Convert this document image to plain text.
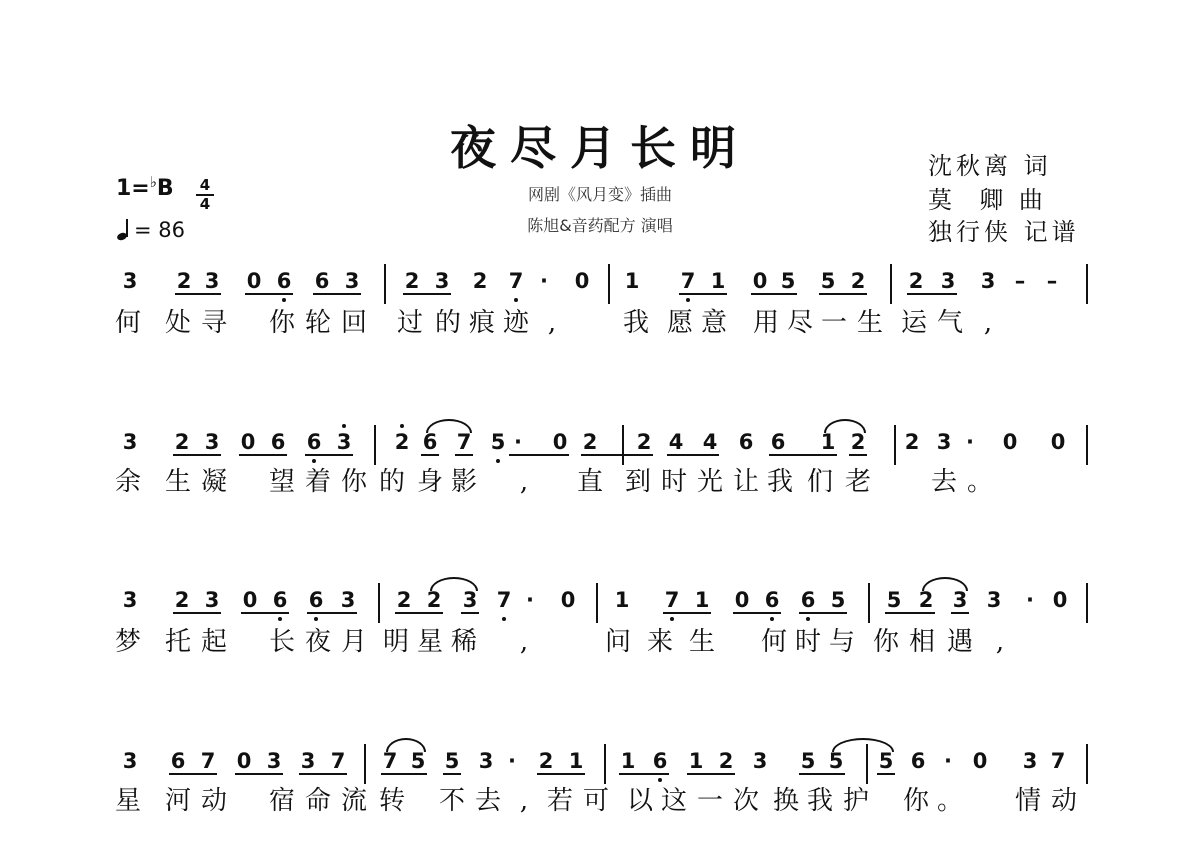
夜尽月长明
网剧《风月变》插曲
陈旭&音药配方 演唱
沈秋离 词
莫  卿 曲
独行侠 记谱
1=♭B 4
4
= 86
3 2 3 0 6 6 3 2 3 2 7 · 0 1 7 1 0 5 5 2 2 3 3 – –
何 处 寻 你 轮 回 过 的 痕 迹 ,	我 愿 意 用 尽 一 生 运 气 ,
3 2 3 0 6 6 3 2 6 7 5 · 0 2 2 4 4 6 6 1 2 2 3 · 0 0
余 生 凝 望 着 你 的 身 影	,	直 到 时 光 让 我 们 老 去 。
3 2 3 0 6 6 3 2 2 3 7 · 0 1 7 1 0 6 6 5 5 2 3 3 · 0
梦 托 起 长 夜 月 明 星 稀	,	问 来 生 何 时 与 你 相 遇 ,
3 6 7 0 3 3 7 7 5 5 3 · 2 1 1 6 1 2 3 5 5 5 6 · 0 3 7
星 河 动 宿 命 流 转 不 去 , 若 可 以 这 一 次 换 我 护 你 。 情 动
